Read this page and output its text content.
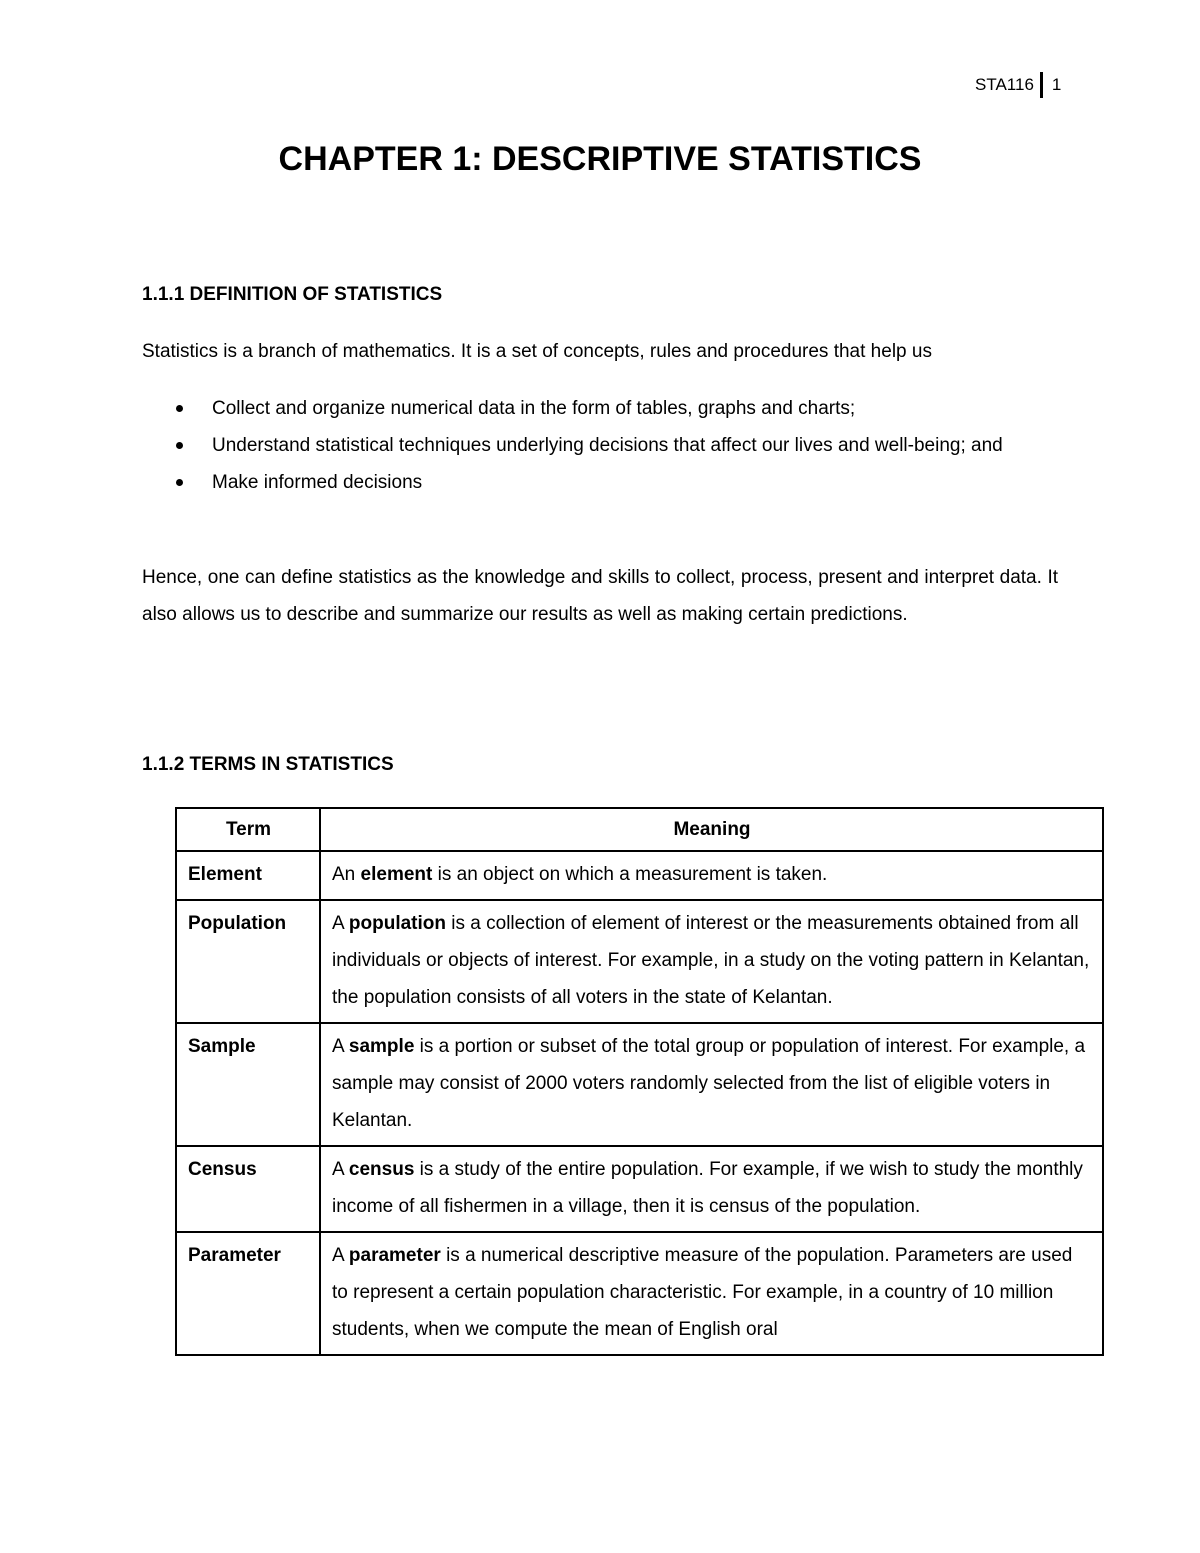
STA116 1
CHAPTER 1: DESCRIPTIVE STATISTICS
1.1.1 DEFINITION OF STATISTICS
Statistics is a branch of mathematics. It is a set of concepts, rules and procedures that help us
Collect and organize numerical data in the form of tables, graphs and charts;
Understand statistical techniques underlying decisions that affect our lives and well-being; and
Make informed decisions
Hence, one can define statistics as the knowledge and skills to collect, process, present and interpret data. It also allows us to describe and summarize our results as well as making certain predictions.
1.1.2 TERMS IN STATISTICS
Term	Meaning
Element	An element is an object on which a measurement is taken.
Population	A population is a collection of element of interest or the measurements obtained from all individuals or objects of interest. For example, in a study on the voting pattern in Kelantan, the population consists of all voters in the state of Kelantan.
Sample	A sample is a portion or subset of the total group or population of interest. For example, a sample may consist of 2000 voters randomly selected from the list of eligible voters in Kelantan.
Census	A census is a study of the entire population. For example, if we wish to study the monthly income of all fishermen in a village, then it is census of the population.
Parameter	A parameter is a numerical descriptive measure of the population. Parameters are used to represent a certain population characteristic. For example, in a country of 10 million students, when we compute the mean of English oral
